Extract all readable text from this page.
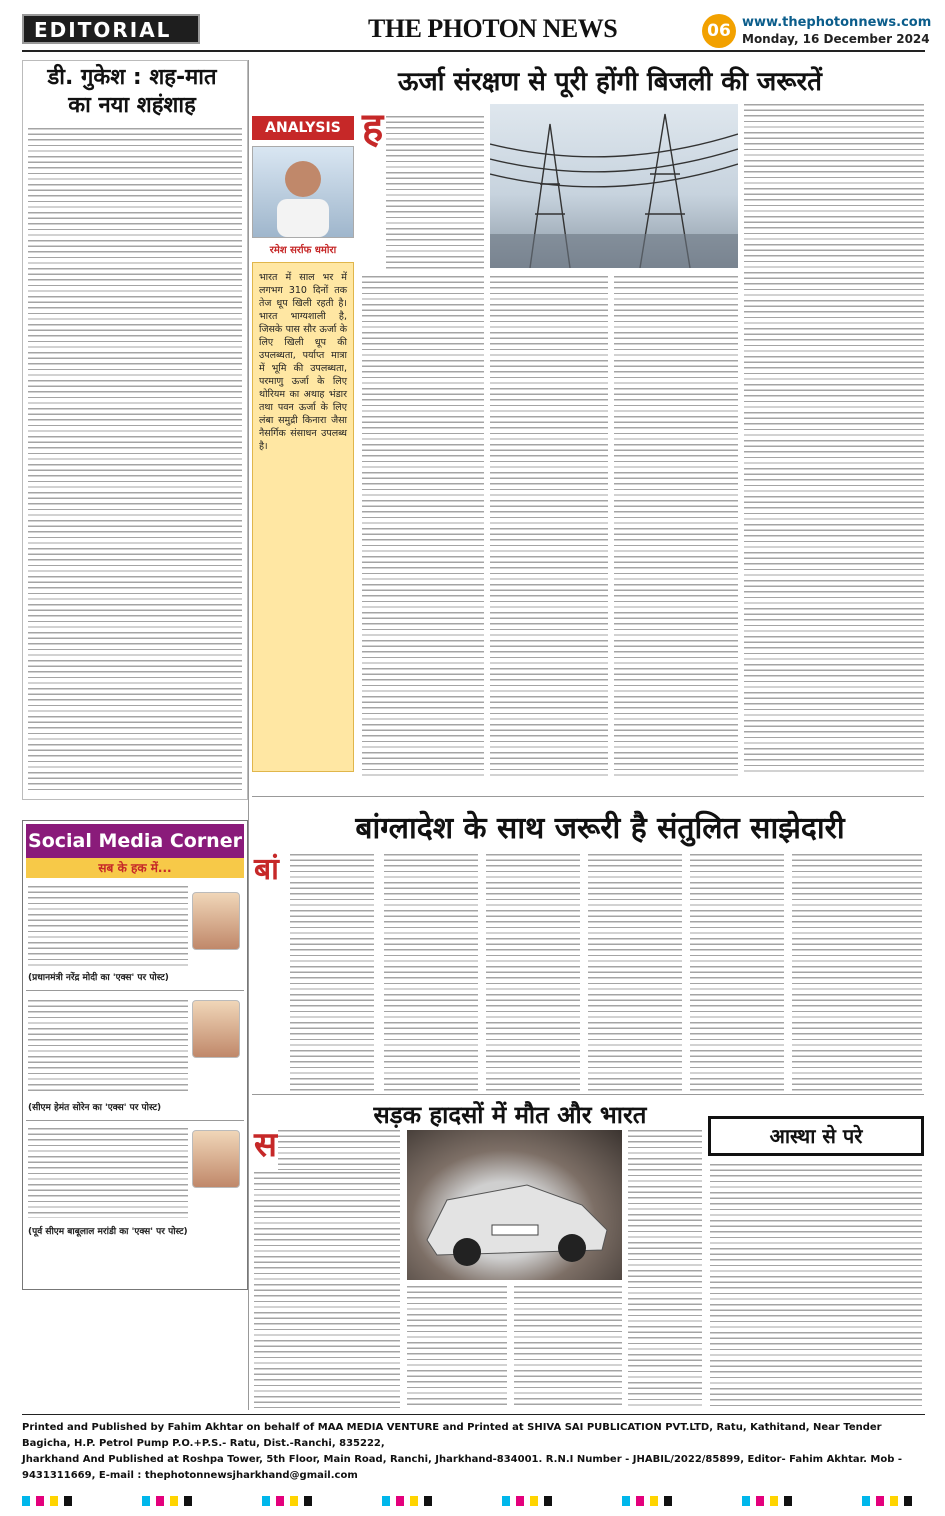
EDITORIAL	THE PHOTON NEWS	06 www.thephotonnews.com
Monday, 16 December 2024
डी. गुकेश : शह-मात
का नया शहंशाह
ऊर्जा संरक्षण से पूरी होंगी बिजली की जरूरतें
ANALYSIS
रमेश सर्राफ धमोरा
भारत में साल भर में लगभग 310 दिनों तक तेज धूप खिली रहती है। भारत भाग्यशाली है, जिसके पास सौर ऊर्जा के लिए खिली धूप की उपलब्धता, पर्याप्त मात्रा में भूमि की उपलब्धता, परमाणु ऊर्जा के लिए थोरियम का अथाह भंडार तथा पवन ऊर्जा के लिए लंबा समुद्री किनारा जैसा नैसर्गिक संसाधन उपलब्ध है।
ह
बांग्लादेश के साथ जरूरी है संतुलित साझेदारी
बां
Social Media Corner
सब के हक में...
(प्रधानमंत्री नरेंद्र मोदी का 'एक्स' पर पोस्ट)
(सीएम हेमंत सोरेन का 'एक्स' पर पोस्ट)
(पूर्व सीएम बाबूलाल मरांडी का 'एक्स' पर पोस्ट)
सड़क हादसों में मौत और भारत
स	आस्था से परे
Printed and Published by Fahim Akhtar on behalf of MAA MEDIA VENTURE and Printed at SHIVA SAI PUBLICATION PVT.LTD, Ratu, Kathitand, Near Tender Bagicha, H.P. Petrol Pump P.O.+P.S.- Ratu, Dist.-Ranchi, 835222,
Jharkhand And Published at Roshpa Tower, 5th Floor, Main Road, Ranchi, Jharkhand-834001. R.N.I Number - JHABIL/2022/85899, Editor- Fahim Akhtar. Mob - 9431311669, E-mail : thephotonnewsjharkhand@gmail.com
